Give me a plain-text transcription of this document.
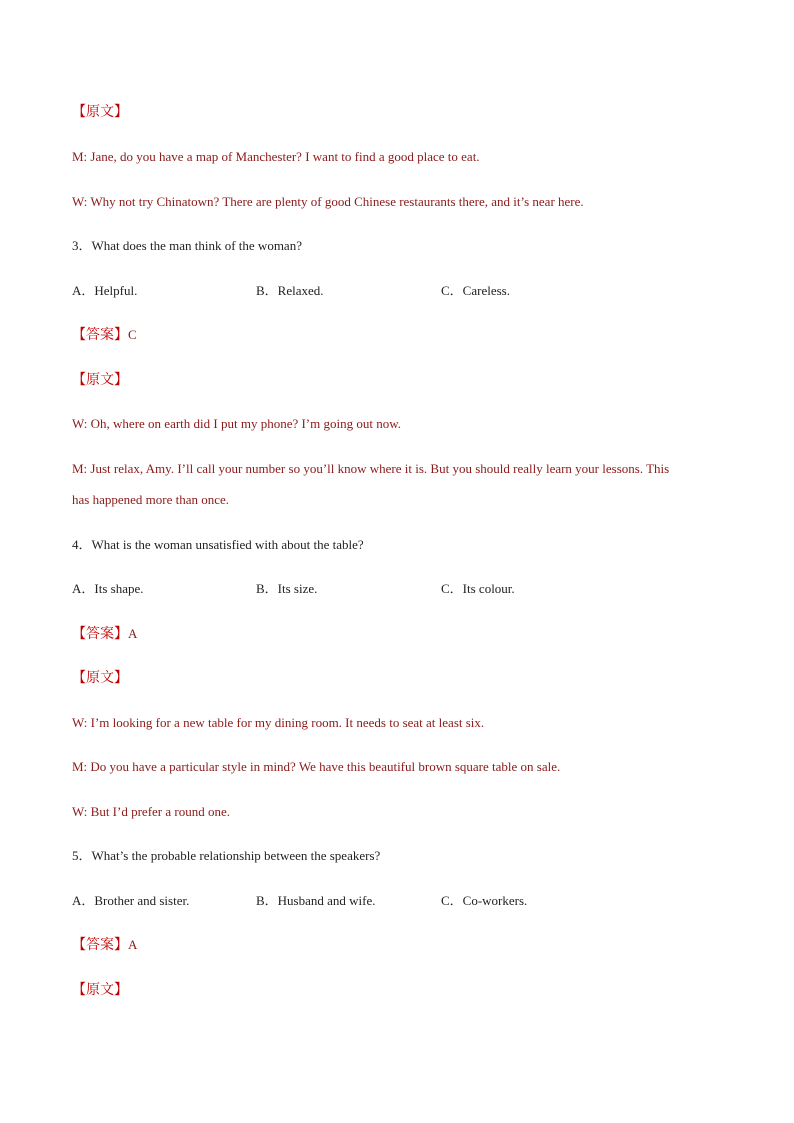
【原文】
M: Jane, do you have a map of Manchester? I want to find a good place to eat.
W: Why not try Chinatown? There are plenty of good Chinese restaurants there, and it’s near here.
3．What does the man think of the woman?
A．Helpful.	B．Relaxed.	C．Careless.
【答案】C
【原文】
W: Oh, where on earth did I put my phone? I’m going out now.
M: Just relax, Amy. I’ll call your number so you’ll know where it is. But you should really learn your lessons. This
has happened more than once.
4．What is the woman unsatisfied with about the table?
A．Its shape.	B．Its size.	C．Its colour.
【答案】A
【原文】
W: I’m looking for a new table for my dining room. It needs to seat at least six.
M: Do you have a particular style in mind? We have this beautiful brown square table on sale.
W: But I’d prefer a round one.
5．What’s the probable relationship between the speakers?
A．Brother and sister.	B．Husband and wife.	C．Co-workers.
【答案】A
【原文】
